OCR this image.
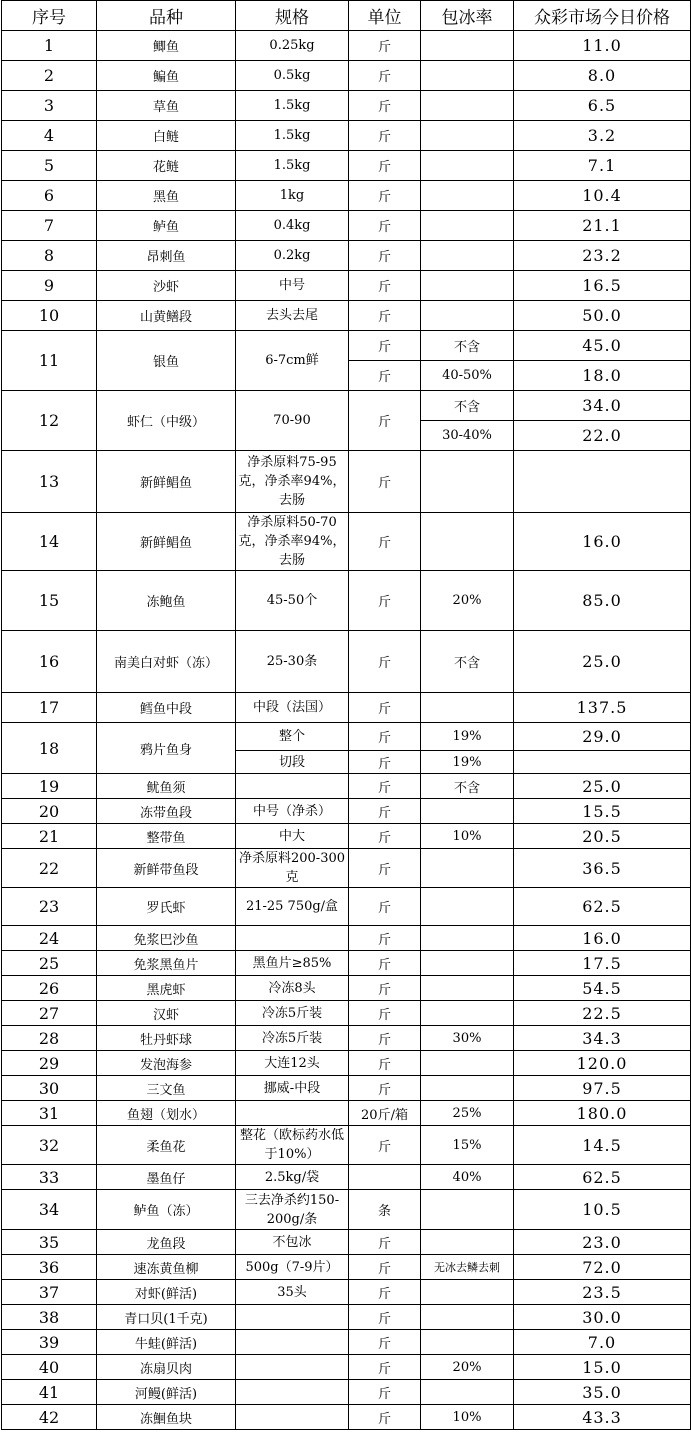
序号	品种	规格	单位	包冰率	众彩市场今日价格
1	鲫鱼	0.25kg	斤		11.0
2	鳊鱼	0.5kg	斤		8.0
3	草鱼	1.5kg	斤		6.5
4	白鲢	1.5kg	斤		3.2
5	花鲢	1.5kg	斤		7.1
6	黑鱼	1kg	斤		10.4
7	鲈鱼	0.4kg	斤		21.1
8	昂刺鱼	0.2kg	斤		23.2
9	沙虾	中号	斤		16.5
10	山黄鳝段	去头去尾	斤		50.0
11	银鱼	6-7cm鲜	斤	不含	45.0
			斤	40-50%	18.0
12	虾仁（中级）	70-90	斤	不含	34.0
				30-40%	22.0
13	新鲜鲳鱼	净杀原料75-95克，净杀率94%，去肠	斤		
14	新鲜鲳鱼	净杀原料50-70克，净杀率94%，去肠	斤		16.0
15	冻鲍鱼	45-50个	斤	20%	85.0
16	南美白对虾（冻）	25-30条	斤	不含	25.0
17	鳕鱼中段	中段（法国）	斤		137.5
18	鸦片鱼身	整个	斤	19%	29.0
		切段	斤	19%	
19	鱿鱼须		斤	不含	25.0
20	冻带鱼段	中号（净杀）	斤		15.5
21	整带鱼	中大	斤	10%	20.5
22	新鲜带鱼段	净杀原料200-300克	斤		36.5
23	罗氏虾	21-25 750g/盒	斤		62.5
24	免浆巴沙鱼		斤		16.0
25	免浆黑鱼片	黑鱼片≥85%	斤		17.5
26	黑虎虾	冷冻8头	斤		54.5
27	汉虾	冷冻5斤装	斤		22.5
28	牡丹虾球	冷冻5斤装	斤	30%	34.3
29	发泡海参	大连12头	斤		120.0
30	三文鱼	挪威-中段	斤		97.5
31	鱼翅（划水）		20斤/箱	25%	180.0
32	柔鱼花	整花（欧标药水低于10%）	斤	15%	14.5
33	墨鱼仔	2.5kg/袋		40%	62.5
34	鲈鱼（冻）	三去净杀约150-200g/条	条		10.5
35	龙鱼段	不包冰	斤		23.0
36	速冻黄鱼柳	500g（7-9片）	斤	无冰去鳞去刺	72.0
37	对虾(鲜活)	35头	斤		23.5
38	青口贝(1千克)		斤		30.0
39	牛蛙(鲜活)		斤		7.0
40	冻扇贝肉		斤	20%	15.0
41	河鳗(鲜活)		斤		35.0
42	冻鮰鱼块		斤	10%	43.3
